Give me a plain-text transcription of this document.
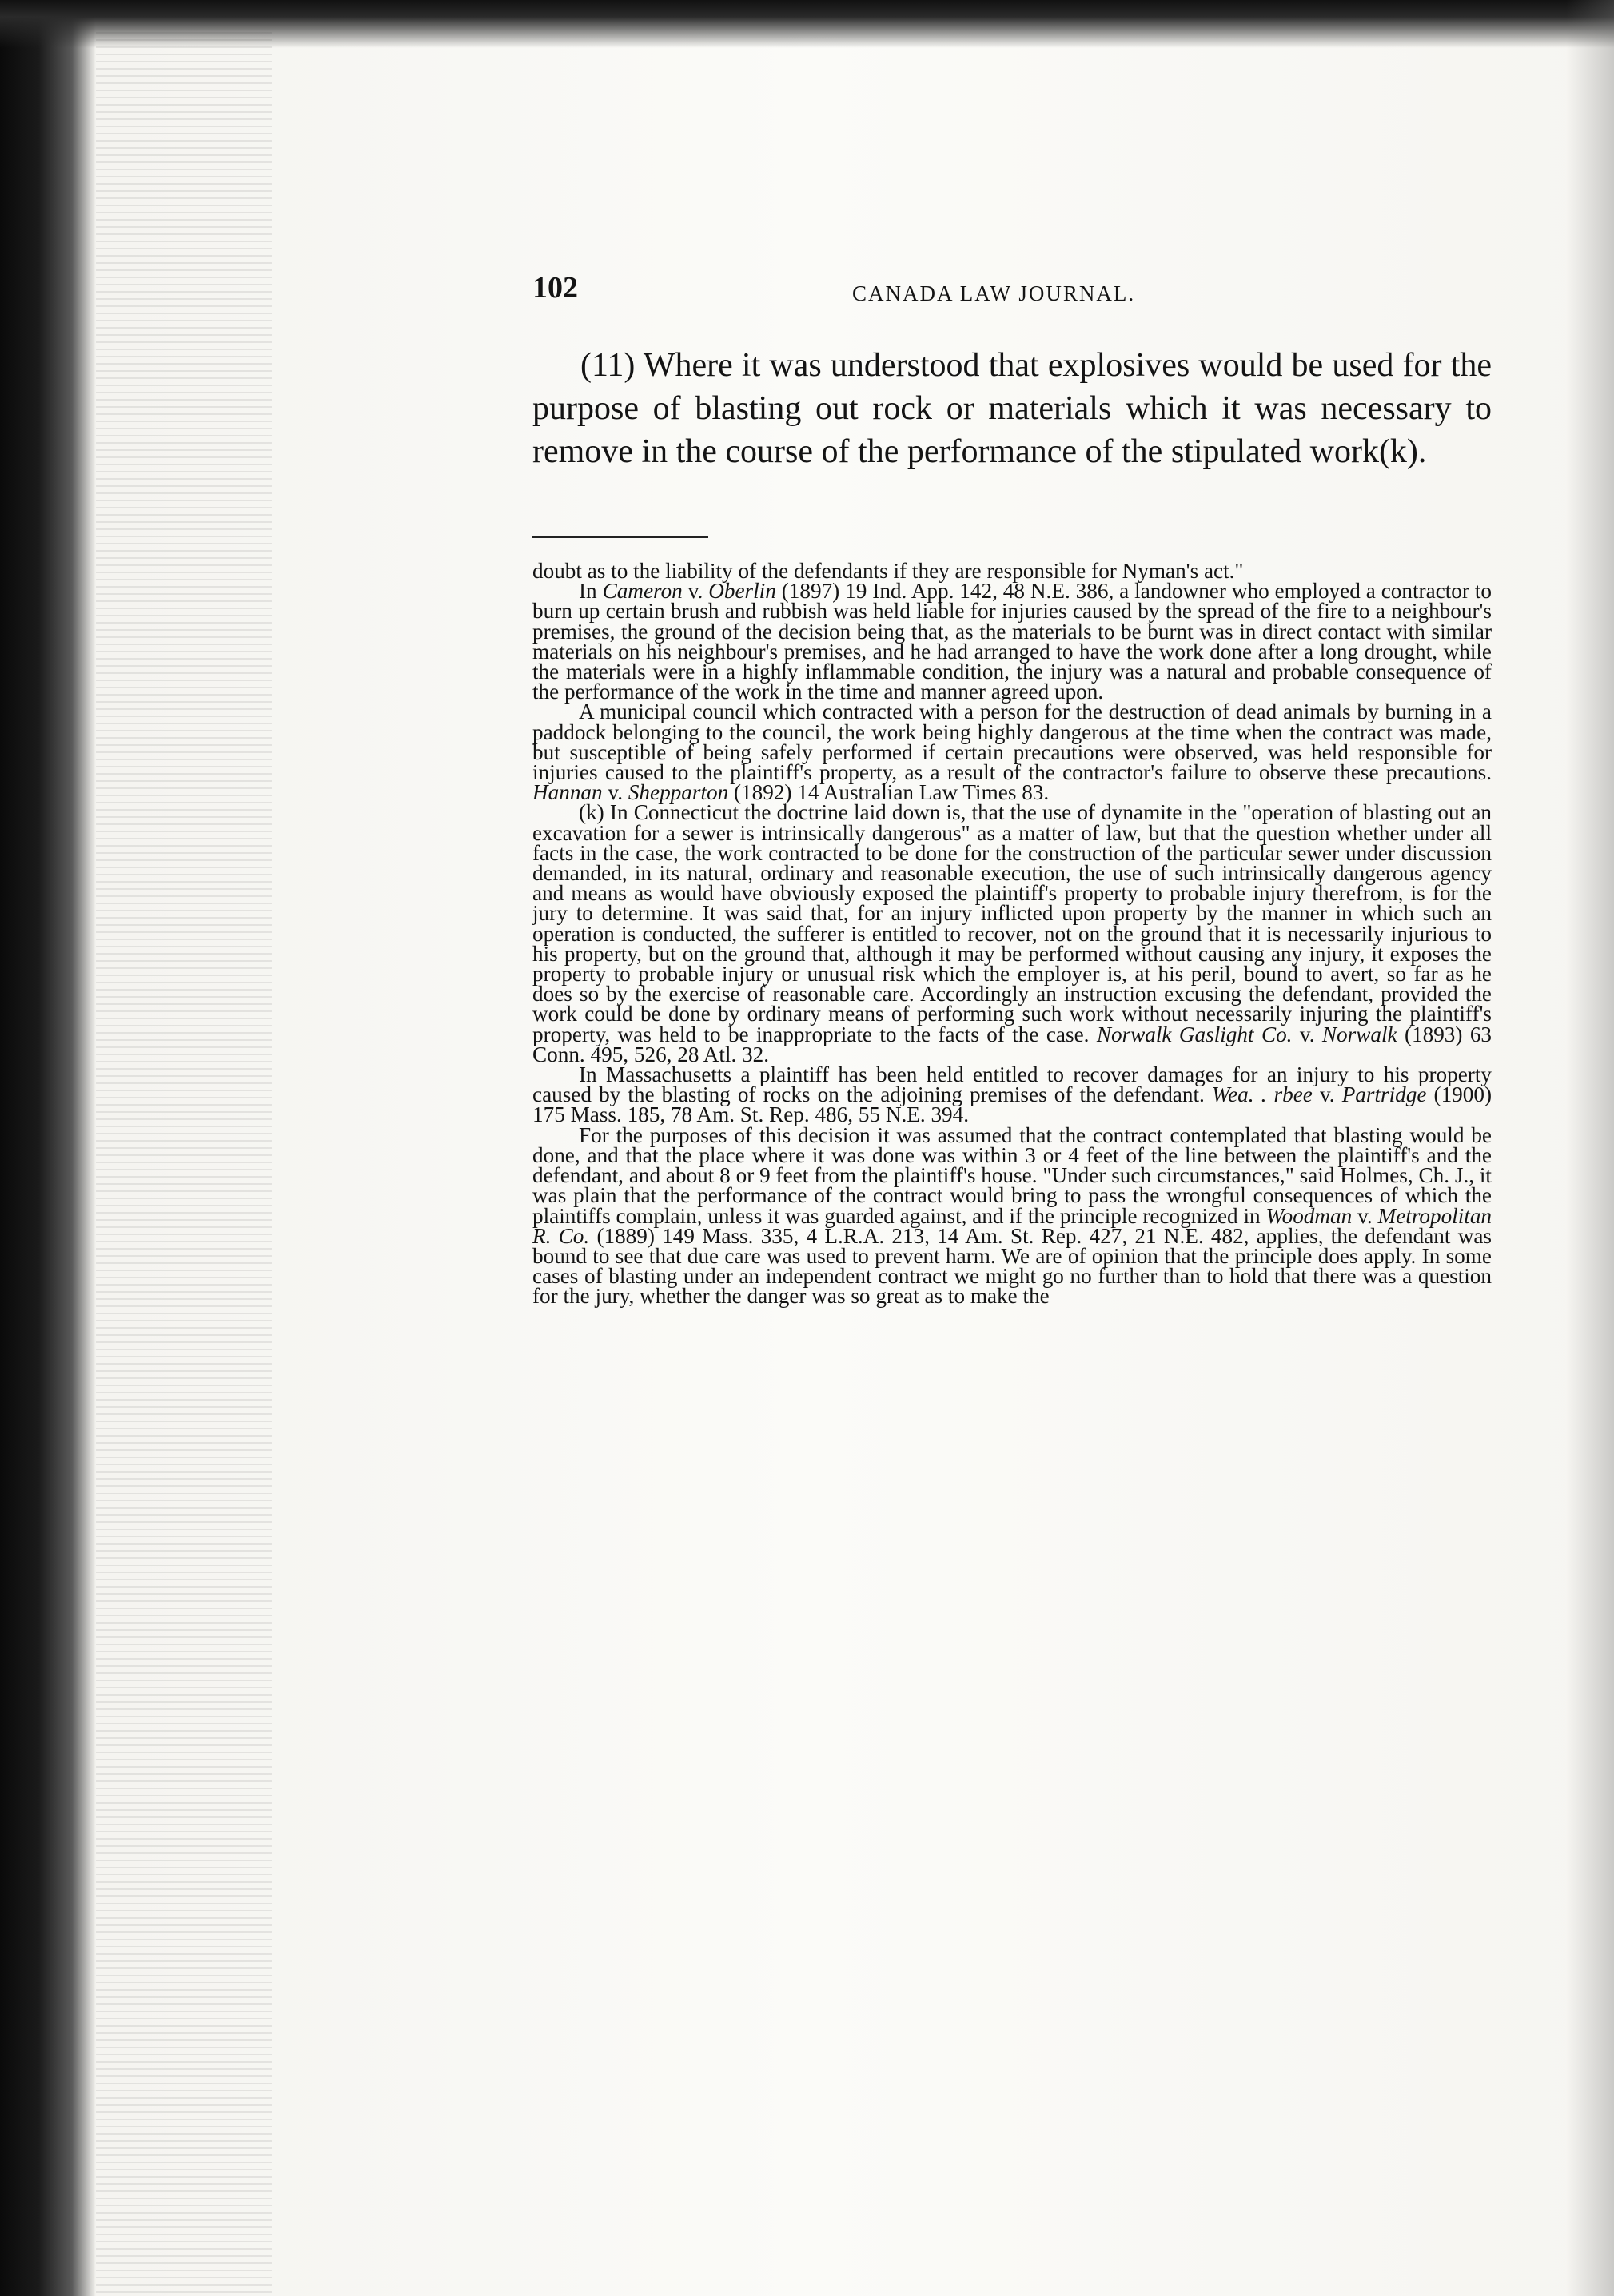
102	CANADA LAW JOURNAL.

(11) Where it was understood that explosives would be used for the purpose of blasting out rock or materials which it was necessary to remove in the course of the performance of the stipulated work(k).

doubt as to the liability of the defendants if they are responsible for Nyman's act."

In Cameron v. Oberlin (1897) 19 Ind. App. 142, 48 N.E. 386, a landowner who employed a contractor to burn up certain brush and rubbish was held liable for injuries caused by the spread of the fire to a neighbour's premises, the ground of the decision being that, as the materials to be burnt was in direct contact with similar materials on his neighbour's premises, and he had arranged to have the work done after a long drought, while the materials were in a highly inflammable condition, the injury was a natural and probable consequence of the performance of the work in the time and manner agreed upon.

A municipal council which contracted with a person for the destruction of dead animals by burning in a paddock belonging to the council, the work being highly dangerous at the time when the contract was made, but susceptible of being safely performed if certain precautions were observed, was held responsible for injuries caused to the plaintiff's property, as a result of the contractor's failure to observe these precautions. Hannan v. Shepparton (1892) 14 Australian Law Times 83.

(k) In Connecticut the doctrine laid down is, that the use of dynamite in the "operation of blasting out an excavation for a sewer is intrinsically dangerous" as a matter of law, but that the question whether under all facts in the case, the work contracted to be done for the construction of the particular sewer under discussion demanded, in its natural, ordinary and reasonable execution, the use of such intrinsically dangerous agency and means as would have obviously exposed the plaintiff's property to probable injury therefrom, is for the jury to determine. It was said that, for an injury inflicted upon property by the manner in which such an operation is conducted, the sufferer is entitled to recover, not on the ground that it is necessarily injurious to his property, but on the ground that, although it may be performed without causing any injury, it exposes the property to probable injury or unusual risk which the employer is, at his peril, bound to avert, so far as he does so by the exercise of reasonable care. Accordingly an instruction excusing the defendant, provided the work could be done by ordinary means of performing such work without necessarily injuring the plaintiff's property, was held to be inappropriate to the facts of the case. Norwalk Gaslight Co. v. Norwalk (1893) 63 Conn. 495, 526, 28 Atl. 32.

In Massachusetts a plaintiff has been held entitled to recover damages for an injury to his property caused by the blasting of rocks on the adjoining premises of the defendant. Wea. . rbee v. Partridge (1900) 175 Mass. 185, 78 Am. St. Rep. 486, 55 N.E. 394.

For the purposes of this decision it was assumed that the contract contemplated that blasting would be done, and that the place where it was done was within 3 or 4 feet of the line between the plaintiff's and the defendant, and about 8 or 9 feet from the plaintiff's house. "Under such circumstances," said Holmes, Ch. J., it was plain that the performance of the contract would bring to pass the wrongful consequences of which the plaintiffs complain, unless it was guarded against, and if the principle recognized in Woodman v. Metropolitan R. Co. (1889) 149 Mass. 335, 4 L.R.A. 213, 14 Am. St. Rep. 427, 21 N.E. 482, applies, the defendant was bound to see that due care was used to prevent harm. We are of opinion that the principle does apply. In some cases of blasting under an independent contract we might go no further than to hold that there was a question for the jury, whether the danger was so great as to make the
